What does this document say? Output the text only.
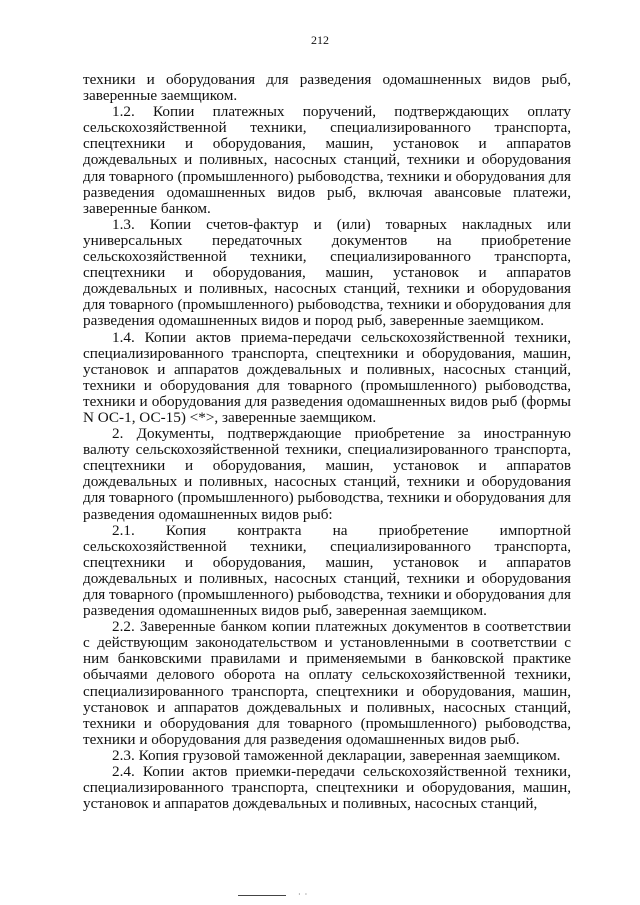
212

техники и оборудования для разведения одомашненных видов рыб, заверенные заемщиком.

1.2. Копии платежных поручений, подтверждающих оплату сельскохозяйственной техники, специализированного транспорта, спецтехники и оборудования, машин, установок и аппаратов дождевальных и поливных, насосных станций, техники и оборудования для товарного (промышленного) рыбоводства, техники и оборудования для разведения одомашненных видов рыб, включая авансовые платежи, заверенные банком.

1.3. Копии счетов-фактур и (или) товарных накладных или универсальных передаточных документов на приобретение сельскохозяйственной техники, специализированного транспорта, спецтехники и оборудования, машин, установок и аппаратов дождевальных и поливных, насосных станций, техники и оборудования для товарного (промышленного) рыбоводства, техники и оборудования для разведения одомашненных видов и пород рыб, заверенные заемщиком.

1.4. Копии актов приема-передачи сельскохозяйственной техники, специализированного транспорта, спецтехники и оборудования, машин, установок и аппаратов дождевальных и поливных, насосных станций, техники и оборудования для товарного (промышленного) рыбоводства, техники и оборудования для разведения одомашненных видов рыб (формы N ОС-1, ОС-15) <*>, заверенные заемщиком.

2. Документы, подтверждающие приобретение за иностранную валюту сельскохозяйственной техники, специализированного транспорта, спецтехники и оборудования, машин, установок и аппаратов дождевальных и поливных, насосных станций, техники и оборудования для товарного (промышленного) рыбоводства, техники и оборудования для разведения одомашненных видов рыб:

2.1. Копия контракта на приобретение импортной сельскохозяйственной техники, специализированного транспорта, спецтехники и оборудования, машин, установок и аппаратов дождевальных и поливных, насосных станций, техники и оборудования для товарного (промышленного) рыбоводства, техники и оборудования для разведения одомашненных видов рыб, заверенная заемщиком.

2.2. Заверенные банком копии платежных документов в соответствии с действующим законодательством и установленными в соответствии с ним банковскими правилами и применяемыми в банковской практике обычаями делового оборота на оплату сельскохозяйственной техники, специализированного транспорта, спецтехники и оборудования, машин, установок и аппаратов дождевальных и поливных, насосных станций, техники и оборудования для товарного (промышленного) рыбоводства, техники и оборудования для разведения одомашненных видов рыб.

2.3. Копия грузовой таможенной декларации, заверенная заемщиком.

2.4. Копии актов приемки-передачи сельскохозяйственной техники, специализированного транспорта, спецтехники и оборудования, машин, установок и аппаратов дождевальных и поливных, насосных станций,

· ·
